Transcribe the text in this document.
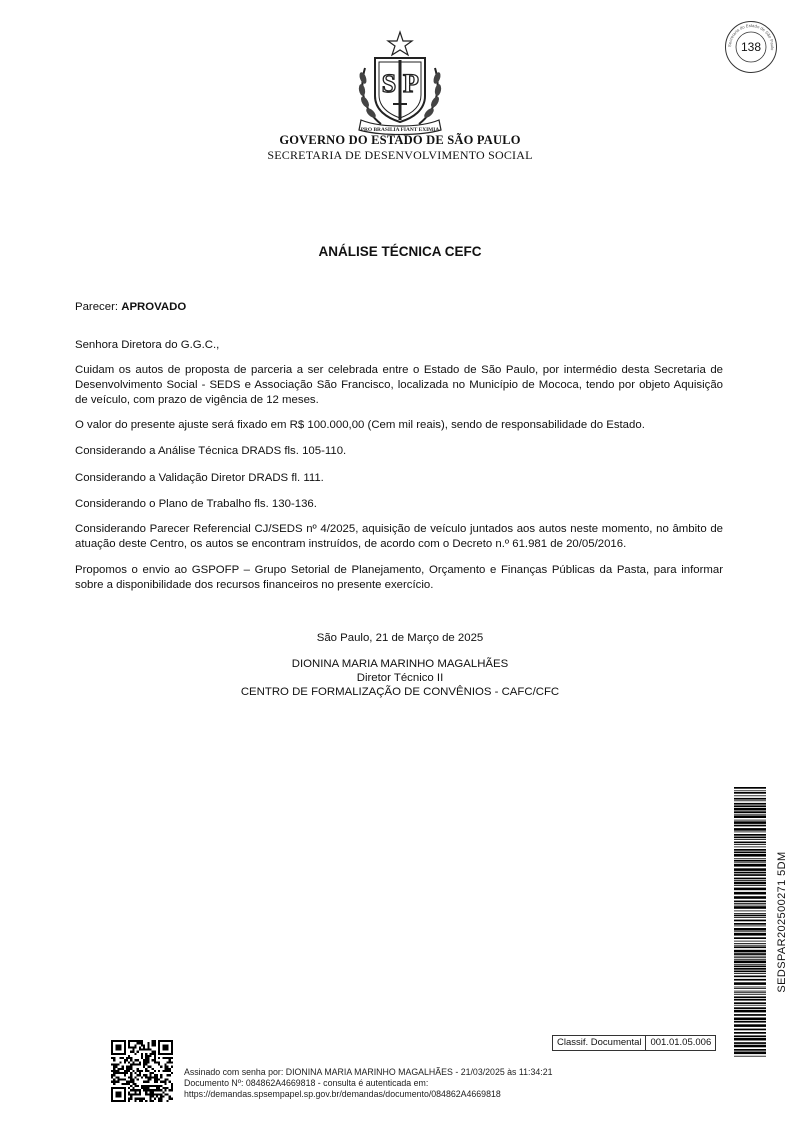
Secretaria do Estado de São Paulo
138
S P
PRO BRASILIA FIANT EXIMIA
GOVERNO DO ESTADO DE SÃO PAULO
SECRETARIA DE DESENVOLVIMENTO SOCIAL
ANÁLISE TÉCNICA CEFC
Parecer: APROVADO
Senhora Diretora do G.G.C.,
Cuidam os autos de proposta de parceria a ser celebrada entre o Estado de São Paulo, por intermédio desta Secretaria de Desenvolvimento Social - SEDS e Associação São Francisco, localizada no Município de Mococa, tendo por objeto Aquisição de veículo, com prazo de vigência de 12 meses.
O valor do presente ajuste será fixado em R$ 100.000,00 (Cem mil reais), sendo de responsabilidade do Estado.
Considerando a Análise Técnica DRADS fls. 105-110.
Considerando a Validação Diretor DRADS fl. 111.
Considerando o Plano de Trabalho fls. 130-136.
Considerando Parecer Referencial CJ/SEDS nº 4/2025, aquisição de veículo juntados aos autos neste momento, no âmbito de atuação deste Centro, os autos se encontram instruídos, de acordo com o Decreto n.º 61.981 de 20/05/2016.
Propomos o envio ao GSPOFP – Grupo Setorial de Planejamento, Orçamento e Finanças Públicas da Pasta, para informar sobre a disponibilidade dos recursos financeiros no presente exercício.
São Paulo, 21 de Março de 2025
DIONINA MARIA MARINHO MAGALHÃES
Diretor Técnico II
CENTRO DE FORMALIZAÇÃO DE CONVÊNIOS - CAFC/CFC
SEDSPAR202500271 5DM
Classif. Documental 001.01.05.006
Assinado com senha por: DIONINA MARIA MARINHO MAGALHÃES - 21/03/2025 às 11:34:21
Documento Nº: 084862A4669818 - consulta é autenticada em:
https://demandas.spsempapel.sp.gov.br/demandas/documento/084862A4669818
